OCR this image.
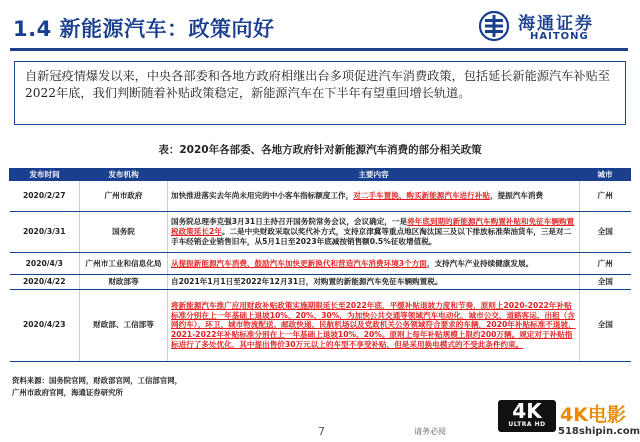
1.4 新能源汽车：政策向好	海通证券
HAITONG
自新冠疫情爆发以来，中央各部委和各地方政府相继出台多项促进汽车消费政策，包括延长新能源汽车补贴至2022年底，我们判断随着补贴政策稳定，新能源汽车在下半年有望重回增长轨道。
表：2020年各部委、各地方政府针对新能源汽车消费的部分相关政策
发布时间	发布机构	主要内容	城市
2020/2/27	广州市政府	加快推进落实去年尚未用完的中小客车指标额度工作，对二手车置换、购买新能源汽车进行补贴，提振汽车消费	广州
2020/3/31	国务院	国务院总理李克强3月31日主持召开国务院常务会议，会议确定，一是将年底到期的新能源汽车购置补贴和免征车辆购置税政策延长2年。二是中央财政采取以奖代补方式，支持京津冀等重点地区淘汰国三及以下排放标准柴油货车，三是对二手车经销企业销售旧车，从5月1日至2023年底减按销售额0.5%征收增值税。	全国
2020/4/3	广州市工业和信息化局	从提振新能源汽车消费、鼓励汽车加快更新换代和营造汽车消费环境3个方面，支持汽车产业持续健康发展。	广州
2020/4/22	财政部等	自2021年1月1日至2022年12月31日，对购置的新能源汽车免征车辆购置税。	全国
2020/4/23	财政部、工信部等	将新能源汽车推广应用财政补贴政策实施期限延长至2022年底，平缓补贴退坡力度和节奏，原则上2020-2022年补贴标准分别在上一年基础上退坡10%、20%、30%，为加快公共交通等领域汽车电动化，城市公交、道路客运、出租（含网约车）、环卫、城市物流配送、邮政快递、民航机场以及党政机关公务领域符合要求的车辆，2020年补贴标准不退坡，2021-2022年补贴标准分别在上一年基础上退坡10%、20%。原则上每年补贴规模上限约200万辆。规定对于补贴指标进行了多处优化，其中提出售价30万元以上的车型不享受补贴，但是采用换电模式的不受此条件约束。	全国
资料来源：国务院官网，财政部官网，工信部官网，
广州市政府官网，海通证券研究所
7	请务必阅
4K
ULTRA HD 4K电影
518shipin.com
